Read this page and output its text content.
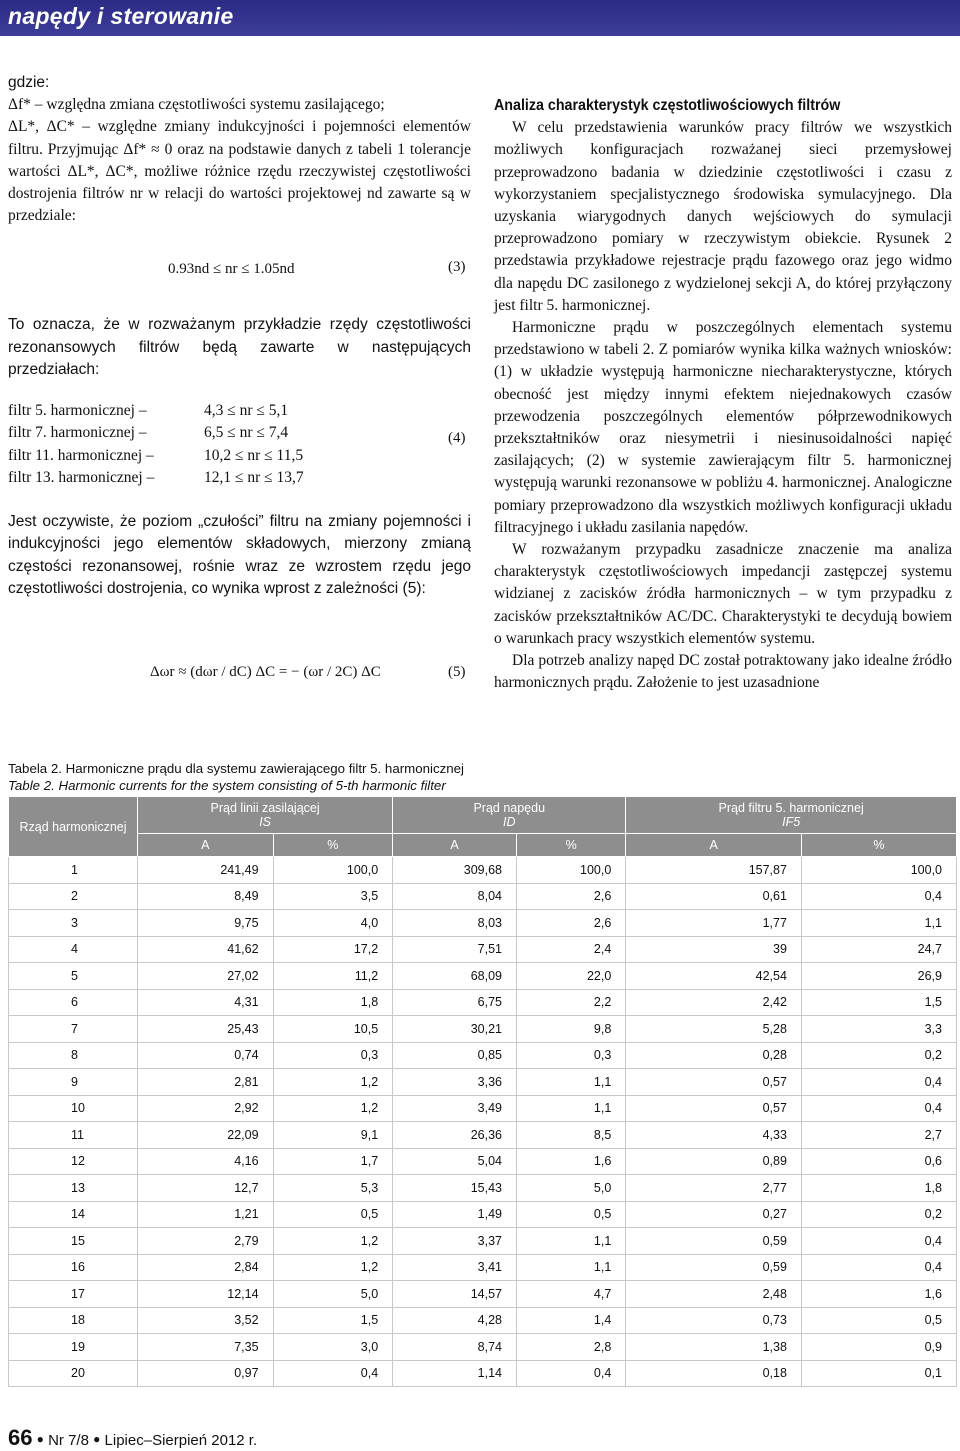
napędy i sterowanie

gdzie:

Δf* – względna zmiana częstotliwości systemu zasilającego;

ΔL*, ΔC* – względne zmiany indukcyjności i pojemności elementów filtru. Przyjmując Δf* ≈ 0 oraz na podstawie danych z tabeli 1 tolerancje wartości ΔL*, ΔC*, możliwe różnice rzędu rzeczywistej częstotliwości dostrojenia filtrów nr w relacji do wartości projektowej nd zawarte są w przedziale:

0.93nd ≤ nr ≤ 1.05nd	(3)

To oznacza, że w rozważanym przykładzie rzędy częstotliwości rezonansowych filtrów będą zawarte w następujących przedziałach:

filtr 5. harmonicznej –	4,3 ≤ nr ≤ 5,1
filtr 7. harmonicznej –	6,5 ≤ nr ≤ 7,4
filtr 11. harmonicznej –	10,2 ≤ nr ≤ 11,5
filtr 13. harmonicznej –	12,1 ≤ nr ≤ 13,7
(4)

Jest oczywiste, że poziom „czułości” filtru na zmiany pojemności i indukcyjności jego elementów składowych, mierzony zmianą częstości rezonansowej, rośnie wraz ze wzrostem rzędu jego częstotliwości dostrojenia, co wynika wprost z zależności (5):

Δωr ≈ (dωr / dC) ΔC = − (ωr / 2C) ΔC	(5)
Analiza charakterystyk częstotliwościowych filtrów

W celu przedstawienia warunków pracy filtrów we wszystkich możliwych konfiguracjach rozważanej sieci przemysłowej przeprowadzono badania w dziedzinie częstotliwości i czasu z wykorzystaniem specjalistycznego środowiska symulacyjnego. Dla uzyskania wiarygodnych danych wejściowych do symulacji przeprowadzono pomiary w rzeczywistym obiekcie. Rysunek 2 przedstawia przykładowe rejestracje prądu fazowego oraz jego widmo dla napędu DC zasilonego z wydzielonej sekcji A, do której przyłączony jest filtr 5. harmonicznej.

Harmoniczne prądu w poszczególnych elementach systemu przedstawiono w tabeli 2. Z pomiarów wynika kilka ważnych wniosków: (1) w układzie występują harmoniczne niecharakterystyczne, których obecność jest między innymi efektem niejednakowych czasów przewodzenia poszczególnych elementów półprzewodnikowych przekształtników oraz niesymetrii i niesinusoidalności napięć zasilających; (2) w systemie zawierającym filtr 5. harmonicznej występują warunki rezonansowe w pobliżu 4. harmonicznej. Analogiczne pomiary przeprowadzono dla wszystkich możliwych konfiguracji układu filtracyjnego i układu zasilania napędów.

W rozważanym przypadku zasadnicze znaczenie ma analiza charakterystyk częstotliwościowych impedancji zastępczej systemu widzianej z zacisków źródła harmonicznych – w tym przypadku z zacisków przekształtników AC/DC. Charakterystyki te decydują bowiem o warunkach pracy wszystkich elementów systemu.

Dla potrzeb analizy napęd DC został potraktowany jako idealne źródło harmonicznych prądu. Założenie to jest uzasadnione

Tabela 2. Harmoniczne prądu dla systemu zawierającego filtr 5. harmonicznej
Table 2. Harmonic currents for the system consisting of 5-th harmonic filter
Rząd harmonicznej	Prąd linii zasilającej
IS		Prąd napędu
ID		Prąd filtru 5. harmonicznej
IF5	
	A	%	A	%	A	%
1	241,49	100,0	309,68	100,0	157,87	100,0
2	8,49	3,5	8,04	2,6	0,61	0,4
3	9,75	4,0	8,03	2,6	1,77	1,1
4	41,62	17,2	7,51	2,4	39	24,7
5	27,02	11,2	68,09	22,0	42,54	26,9
6	4,31	1,8	6,75	2,2	2,42	1,5
7	25,43	10,5	30,21	9,8	5,28	3,3
8	0,74	0,3	0,85	0,3	0,28	0,2
9	2,81	1,2	3,36	1,1	0,57	0,4
10	2,92	1,2	3,49	1,1	0,57	0,4
11	22,09	9,1	26,36	8,5	4,33	2,7
12	4,16	1,7	5,04	1,6	0,89	0,6
13	12,7	5,3	15,43	5,0	2,77	1,8
14	1,21	0,5	1,49	0,5	0,27	0,2
15	2,79	1,2	3,37	1,1	0,59	0,4
16	2,84	1,2	3,41	1,1	0,59	0,4
17	12,14	5,0	14,57	4,7	2,48	1,6
18	3,52	1,5	4,28	1,4	0,73	0,5
19	7,35	3,0	8,74	2,8	1,38	0,9
20	0,97	0,4	1,14	0,4	0,18	0,1
66 ● Nr 7/8 ● Lipiec–Sierpień 2012 r.
